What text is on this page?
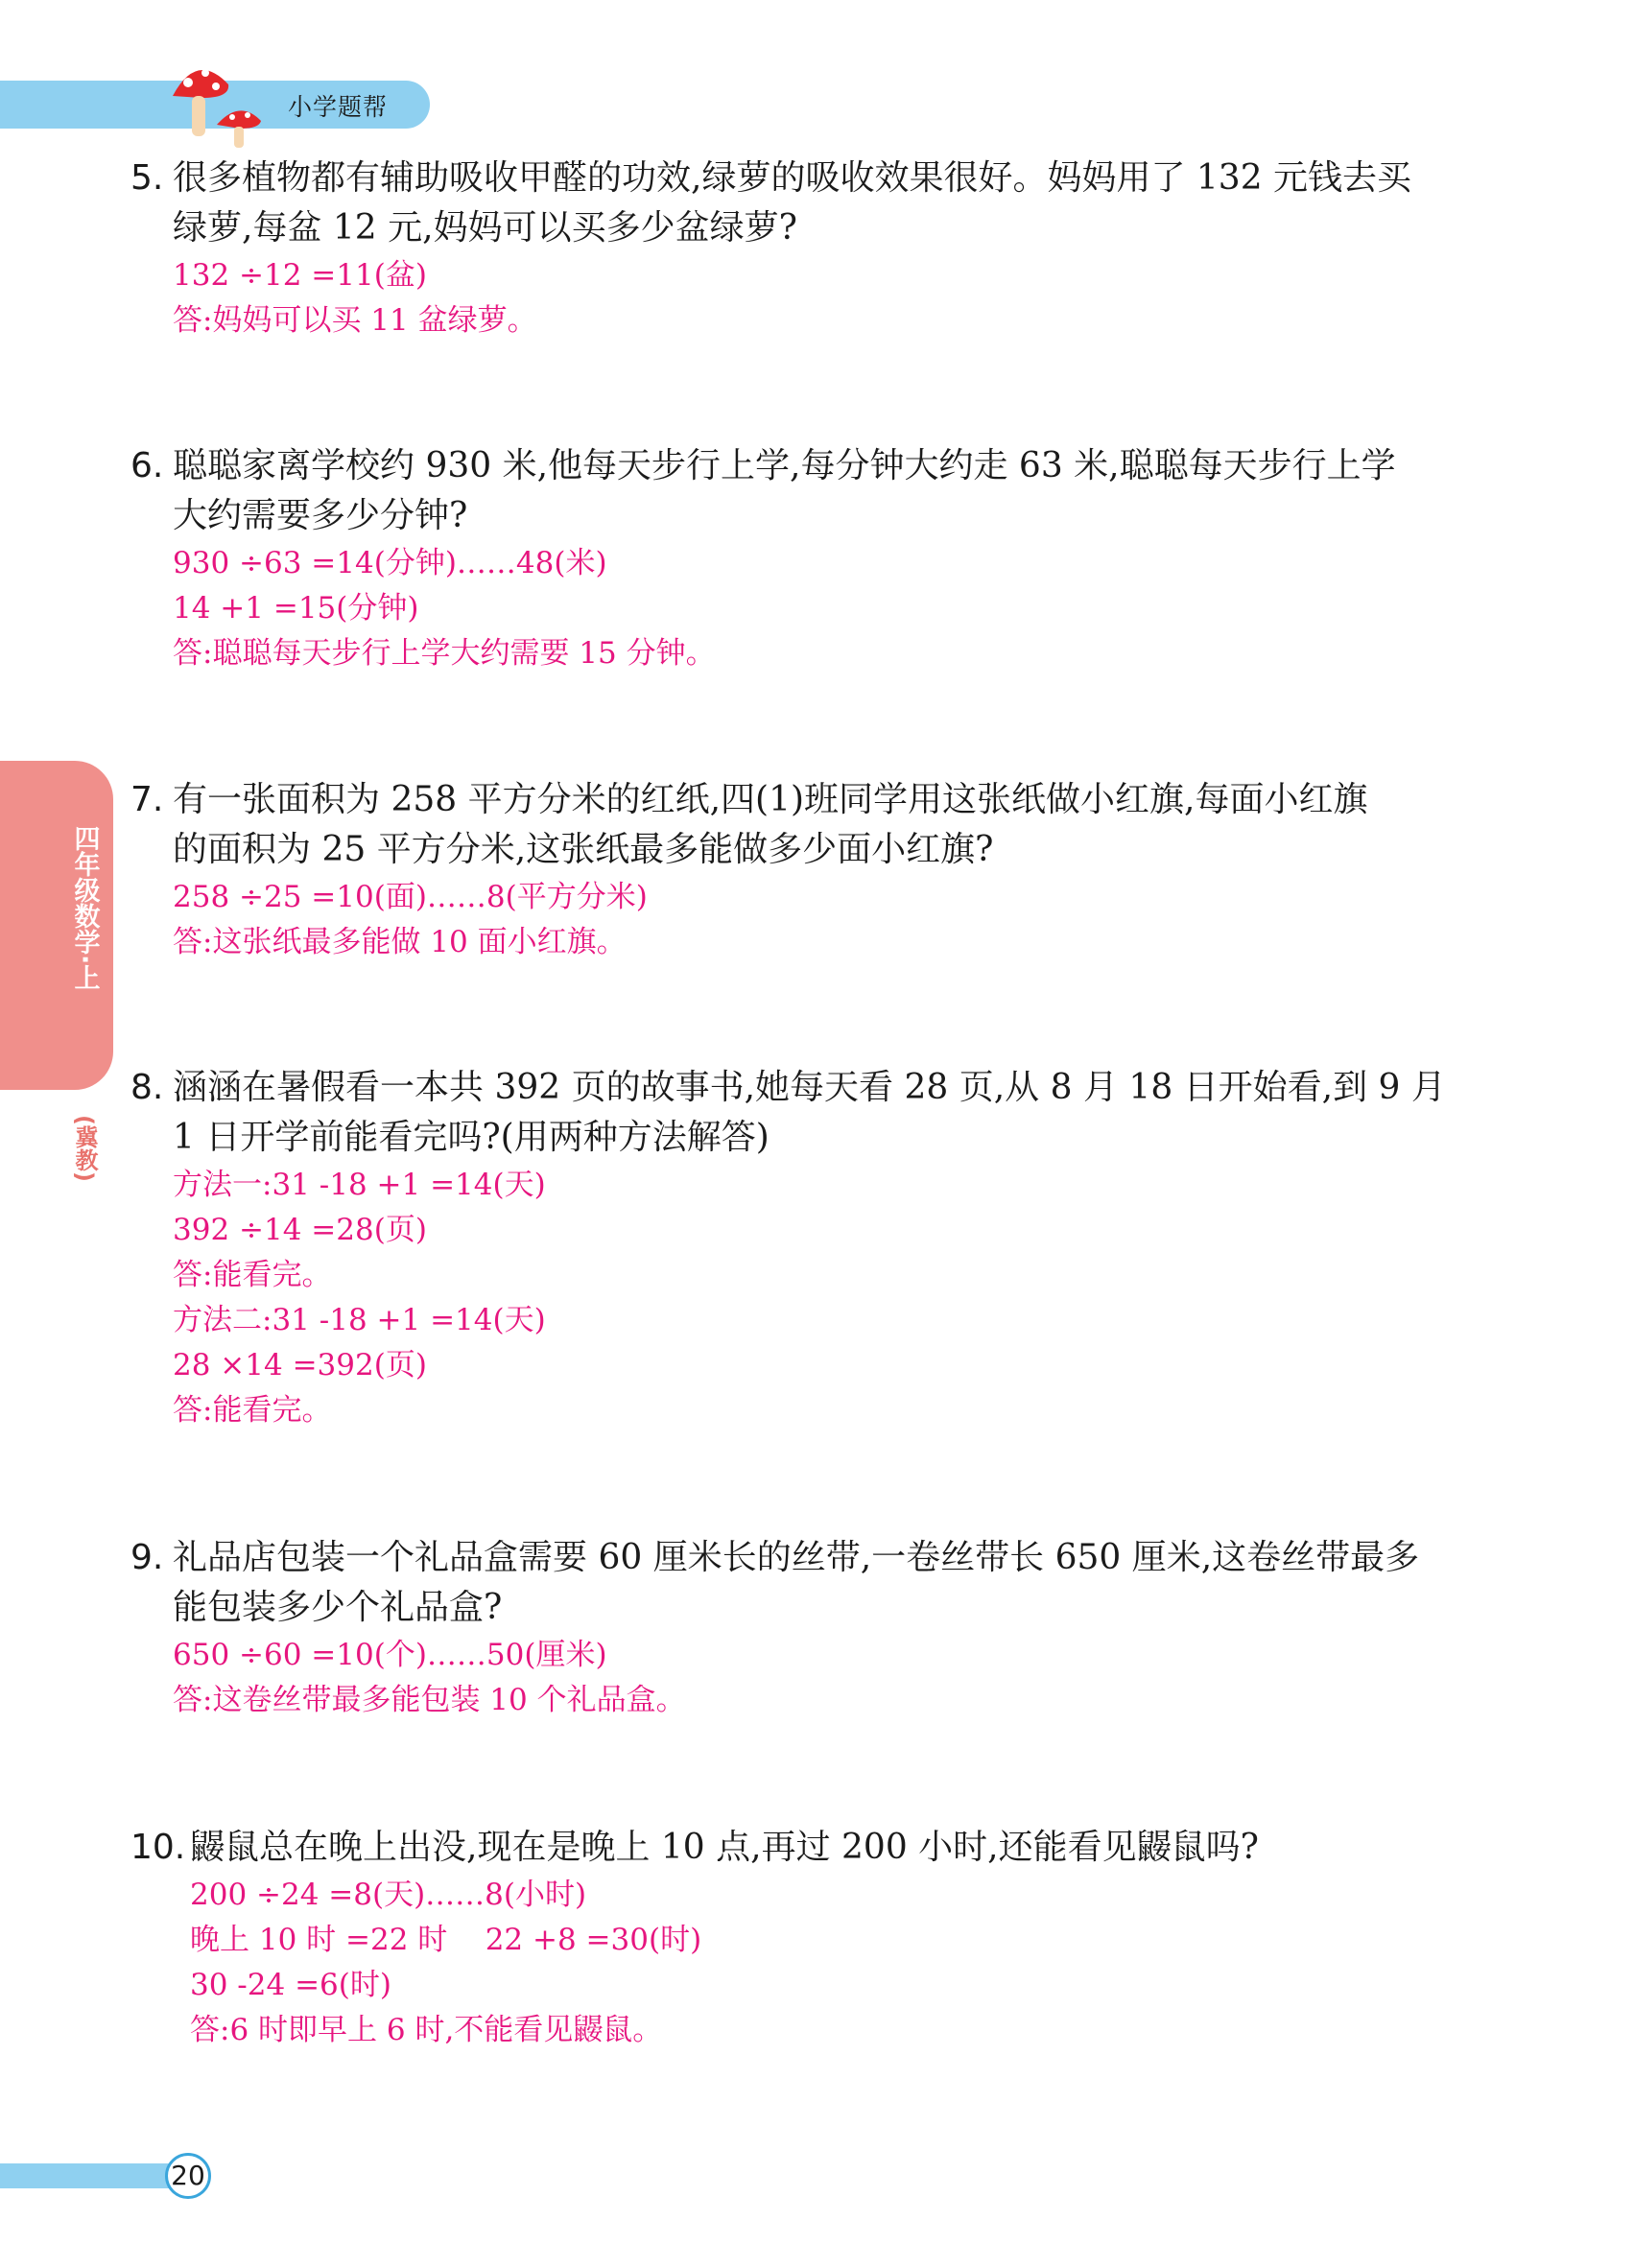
小学题帮
四年级数学·上
(冀教)
5. 很多植物都有辅助吸收甲醛的功效,绿萝的吸收效果很好。妈妈用了 132 元钱去买
绿萝,每盆 12 元,妈妈可以买多少盆绿萝?
132 ÷12 =11(盆)
答:妈妈可以买 11 盆绿萝。
6. 聪聪家离学校约 930 米,他每天步行上学,每分钟大约走 63 米,聪聪每天步行上学
大约需要多少分钟?
930 ÷63 =14(分钟)……48(米)
14 +1 =15(分钟)
答:聪聪每天步行上学大约需要 15 分钟。
7. 有一张面积为 258 平方分米的红纸,四(1)班同学用这张纸做小红旗,每面小红旗
的面积为 25 平方分米,这张纸最多能做多少面小红旗?
258 ÷25 =10(面)……8(平方分米)
答:这张纸最多能做 10 面小红旗。
8. 涵涵在暑假看一本共 392 页的故事书,她每天看 28 页,从 8 月 18 日开始看,到 9 月
1 日开学前能看完吗?(用两种方法解答)
方法一:31 -18 +1 =14(天)
392 ÷14 =28(页)
答:能看完。
方法二:31 -18 +1 =14(天)
28 ×14 =392(页)
答:能看完。
9. 礼品店包装一个礼品盒需要 60 厘米长的丝带,一卷丝带长 650 厘米,这卷丝带最多
能包装多少个礼品盒?
650 ÷60 =10(个)……50(厘米)
答:这卷丝带最多能包装 10 个礼品盒。
10. 鼹鼠总在晚上出没,现在是晚上 10 点,再过 200 小时,还能看见鼹鼠吗?
200 ÷24 =8(天)……8(小时)
晚上 10 时 =22 时    22 +8 =30(时)
30 -24 =6(时)
答:6 时即早上 6 时,不能看见鼹鼠。
20
